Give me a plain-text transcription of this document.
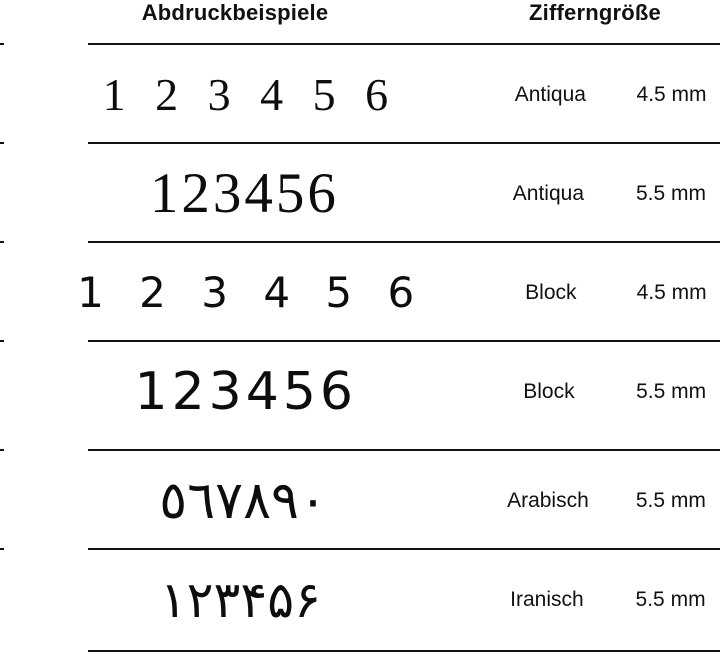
Abdruckbeispiele	Zifferngröße
1 2 3 4 5 6	Antiqua	4.5 mm
123456	Antiqua	5.5 mm
1 2 3 4 5 6	Block	4.5 mm
123456	Block	5.5 mm
٥٦٧٨٩٠	Arabisch	5.5 mm
۱۲۳۴۵۶	Iranisch	5.5 mm
